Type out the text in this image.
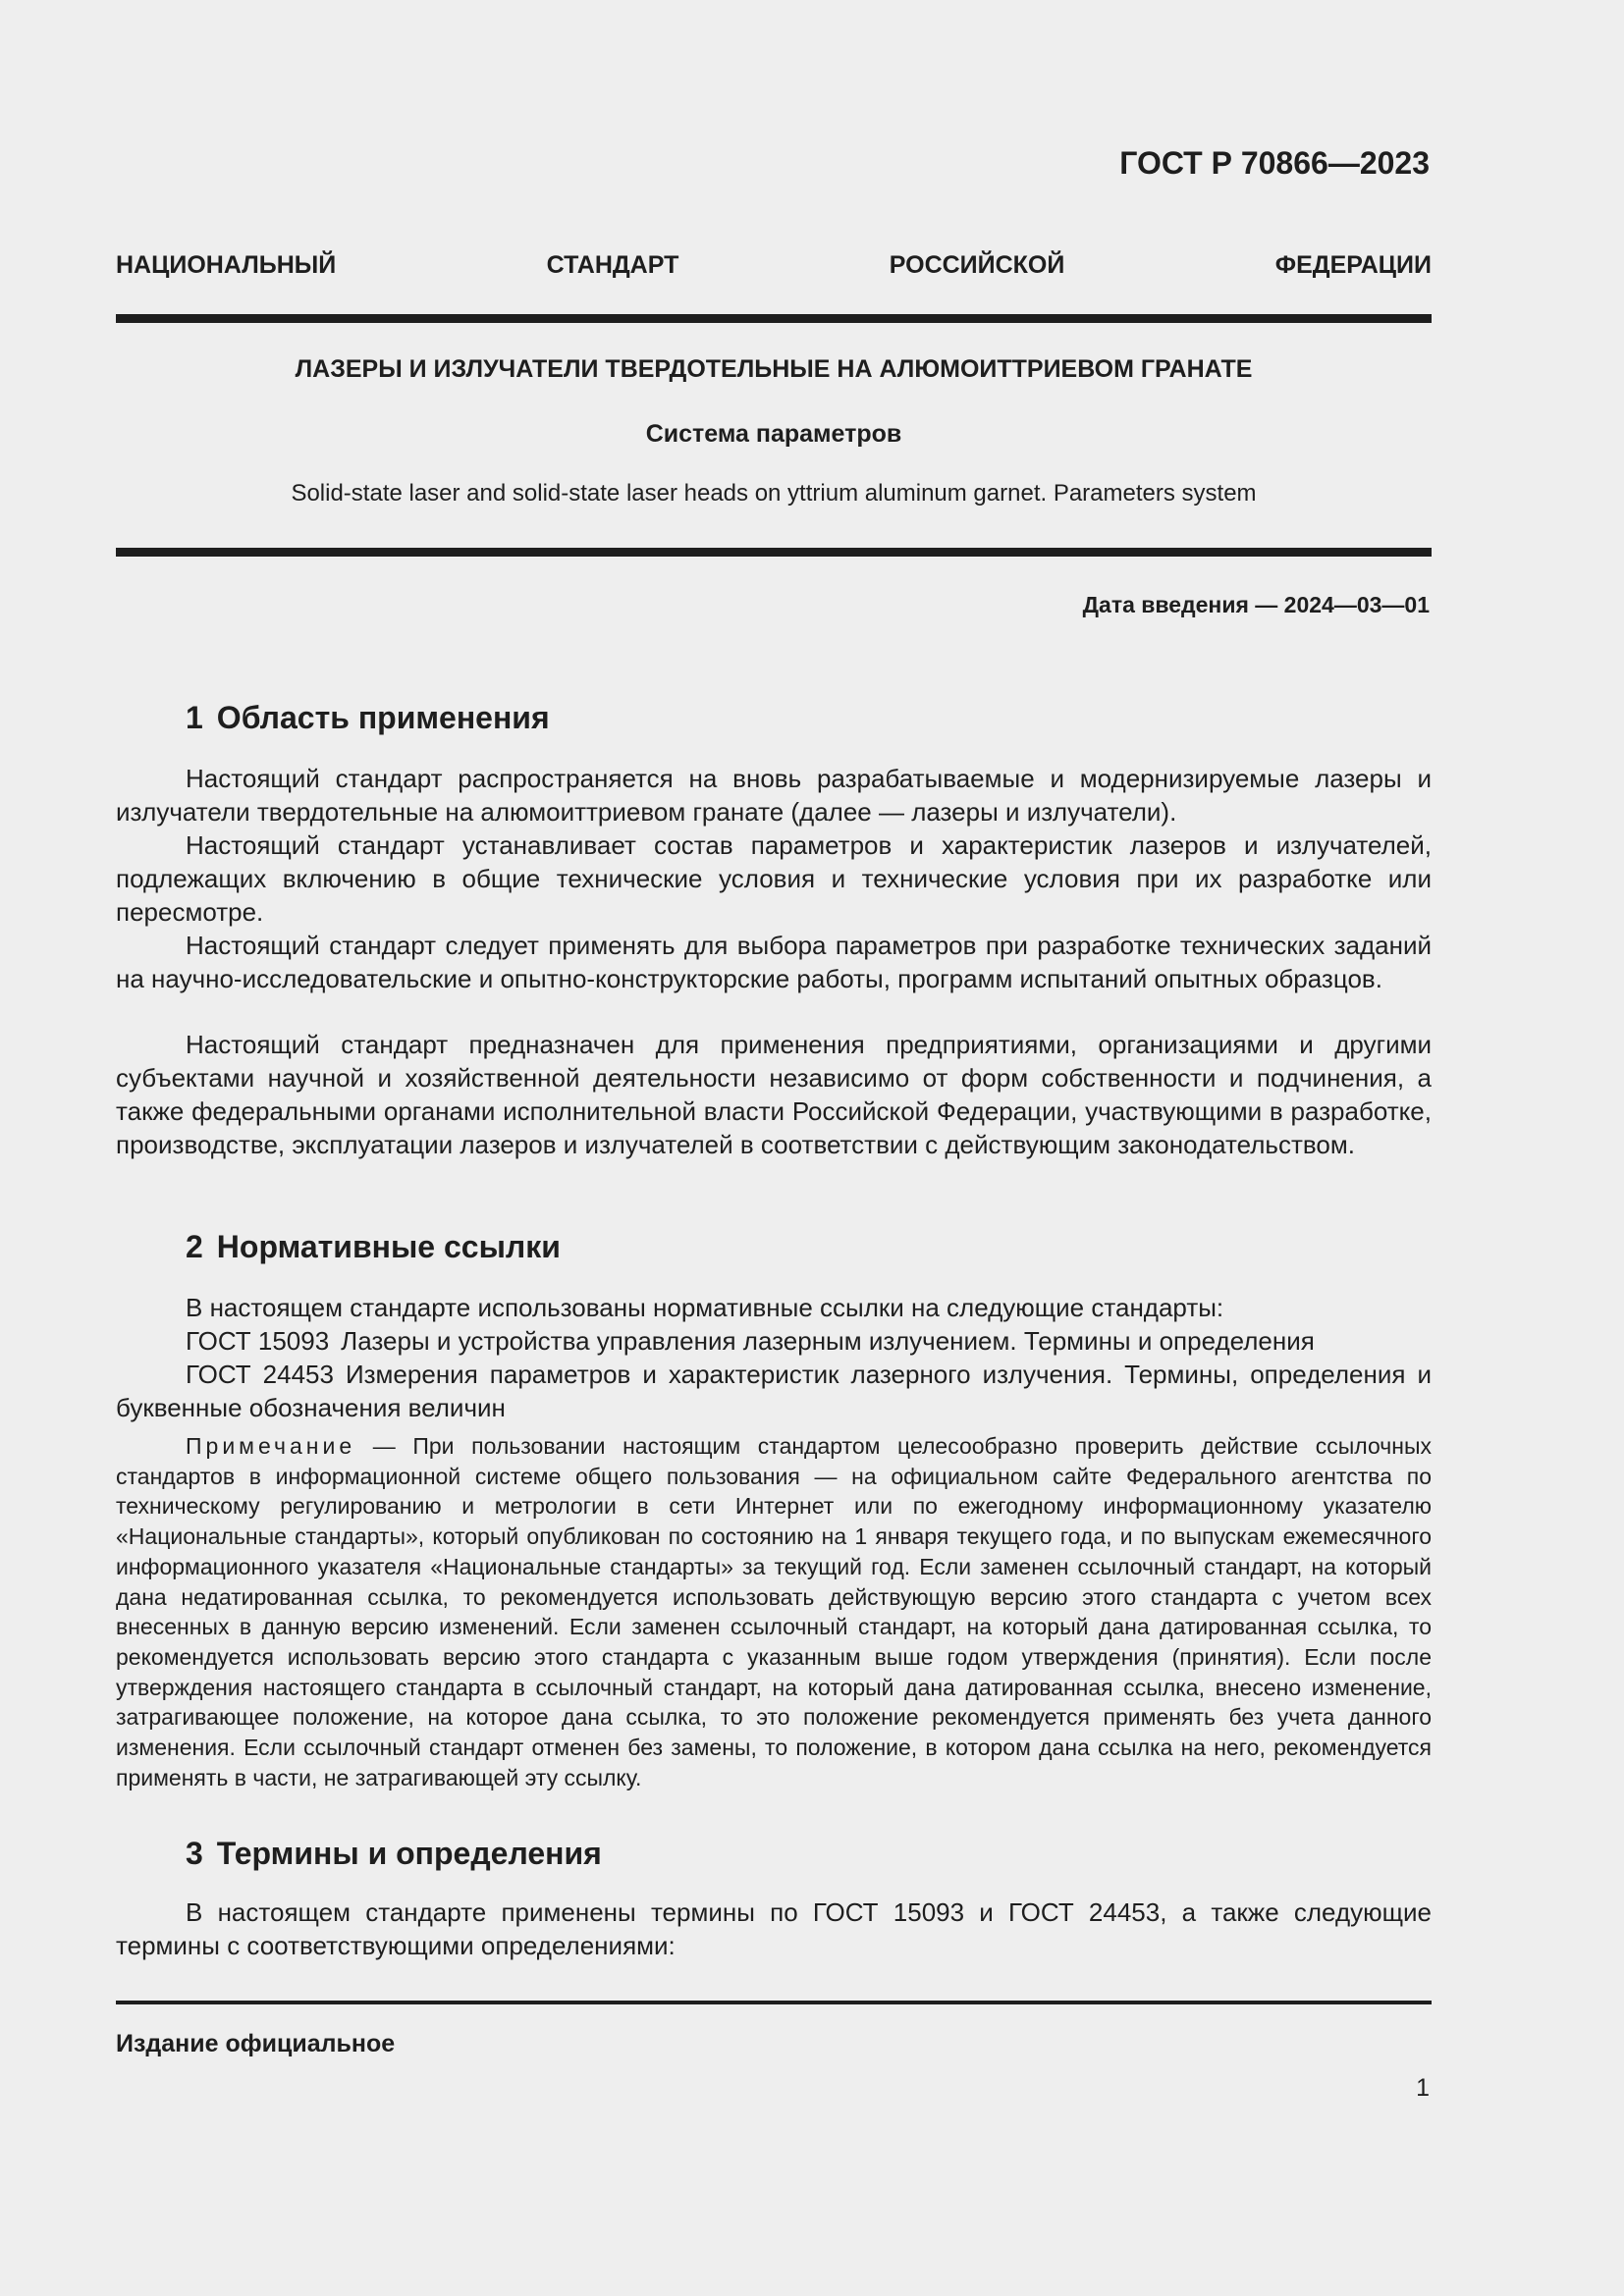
ГОСТ Р 70866—2023
НАЦИОНАЛЬНЫЙ СТАНДАРТ РОССИЙСКОЙ ФЕДЕРАЦИИ
ЛАЗЕРЫ И ИЗЛУЧАТЕЛИ ТВЕРДОТЕЛЬНЫЕ НА АЛЮМОИТТРИЕВОМ ГРАНАТЕ
Система параметров
Solid-state laser and solid-state laser heads on yttrium aluminum garnet. Parameters system
Дата введения — 2024—03—01
1 Область применения
Настоящий стандарт распространяется на вновь разрабатываемые и модернизируемые лазеры и излучатели твердотельные на алюмоиттриевом гранате (далее — лазеры и излучатели).
Настоящий стандарт устанавливает состав параметров и характеристик лазеров и излучателей, подлежащих включению в общие технические условия и технические условия при их разработке или пересмотре.
Настоящий стандарт следует применять для выбора параметров при разработке технических заданий на научно-исследовательские и опытно-конструкторские работы, программ испытаний опытных образцов.
Настоящий стандарт предназначен для применения предприятиями, организациями и другими субъектами научной и хозяйственной деятельности независимо от форм собственности и подчинения, а также федеральными органами исполнительной власти Российской Федерации, участвующими в разработке, производстве, эксплуатации лазеров и излучателей в соответствии с действующим законодательством.
2 Нормативные ссылки
В настоящем стандарте использованы нормативные ссылки на следующие стандарты:
ГОСТ 15093 Лазеры и устройства управления лазерным излучением. Термины и определения
ГОСТ 24453 Измерения параметров и характеристик лазерного излучения. Термины, определения и буквенные обозначения величин
Примечание — При пользовании настоящим стандартом целесообразно проверить действие ссылочных стандартов в информационной системе общего пользования — на официальном сайте Федерального агентства по техническому регулированию и метрологии в сети Интернет или по ежегодному информационному указателю «Национальные стандарты», который опубликован по состоянию на 1 января текущего года, и по выпускам ежемесячного информационного указателя «Национальные стандарты» за текущий год. Если заменен ссылочный стандарт, на который дана недатированная ссылка, то рекомендуется использовать действующую версию этого стандарта с учетом всех внесенных в данную версию изменений. Если заменен ссылочный стандарт, на который дана датированная ссылка, то рекомендуется использовать версию этого стандарта с указанным выше годом утверждения (принятия). Если после утверждения настоящего стандарта в ссылочный стандарт, на который дана датированная ссылка, внесено изменение, затрагивающее положение, на которое дана ссылка, то это положение рекомендуется применять без учета данного изменения. Если ссылочный стандарт отменен без замены, то положение, в котором дана ссылка на него, рекомендуется применять в части, не затрагивающей эту ссылку.
3 Термины и определения
В настоящем стандарте применены термины по ГОСТ 15093 и ГОСТ 24453, а также следующие термины с соответствующими определениями:
Издание официальное
1
